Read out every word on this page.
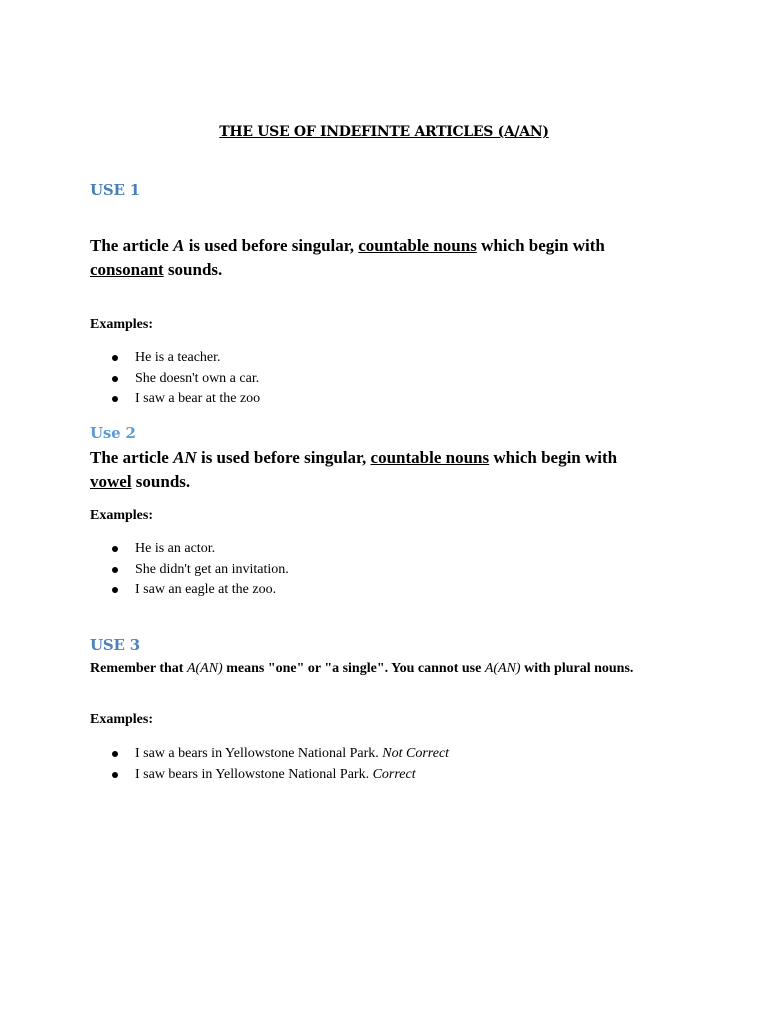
THE USE OF INDEFINTE ARTICLES (A/AN)
USE 1
The article A is used before singular, countable nouns which begin with consonant sounds.
Examples:
He is a teacher.
She doesn't own a car.
I saw a bear at the zoo
Use 2
The article AN is used before singular, countable nouns which begin with vowel sounds.
Examples:
He is an actor.
She didn't get an invitation.
I saw an eagle at the zoo.
USE 3
Remember that A(AN) means "one" or "a single". You cannot use A(AN) with plural nouns.
Examples:
I saw a bears in Yellowstone National Park. Not Correct
I saw bears in Yellowstone National Park. Correct
